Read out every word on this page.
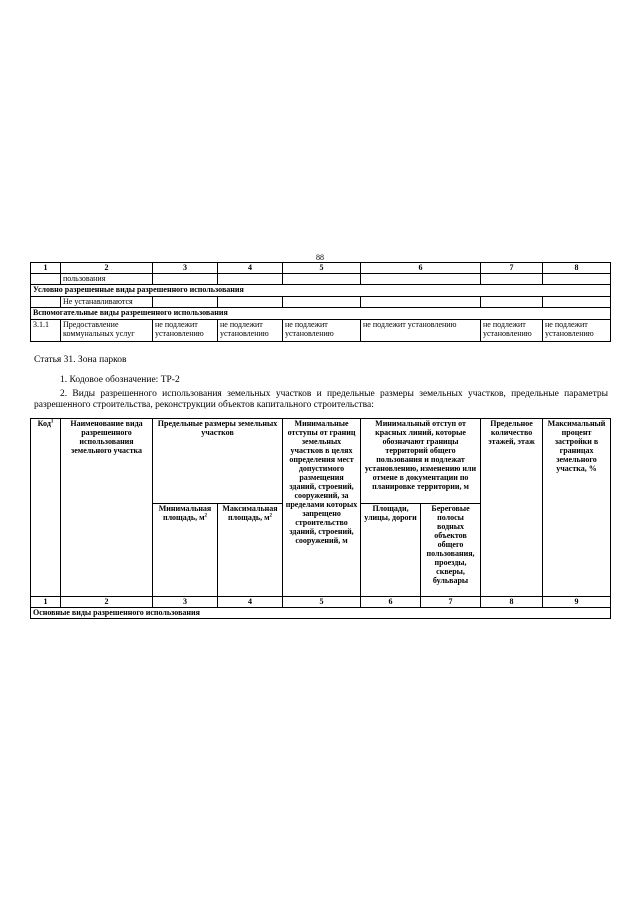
88
1	2	3	4	5	6	7	8
	пользования						
Условно разрешенные виды разрешенного использования							
	Не устанавливаются						
Вспомогательные виды разрешенного использования							
3.1.1	Предоставление коммунальных услуг	не подлежит установлению	не подлежит установлению	не подлежит установлению	не подлежит установлению	не подлежит установлению	не подлежит установлению
Статья 31. Зона парков
1. Кодовое обозначение: ТР-2
2. Виды разрешенного использования земельных участков и предельные размеры земельных участков, предельные параметры разрешенного строительства, реконструкции объектов капитального строительства:
Код$^1$	Наименование вида разрешенного использования земельного участка	Предельные размеры земельных участков		Минимальные отступы от границ земельных участков в целях определения мест допустимого размещения зданий, строений, сооружений, за пределами которых запрещено строительство зданий, строений, сооружений, м	Минимальный отступ от красных линий, которые обозначают границы территорий общего пользования и подлежат установлению, изменению или отмене в документации по планировке территории, м		Предельное количество этажей, этаж	Максимальный процент застройки в границах земельного участка, %
		Минимальная площадь, $м^2$	Максимальная площадь, $м^2$		Площади, улицы, дороги	Береговые полосы водных объектов общего пользования, проезды, скверы, бульвары		

1	2	3	4	5	6	7	8	9
Основные виды разрешенного использования								
